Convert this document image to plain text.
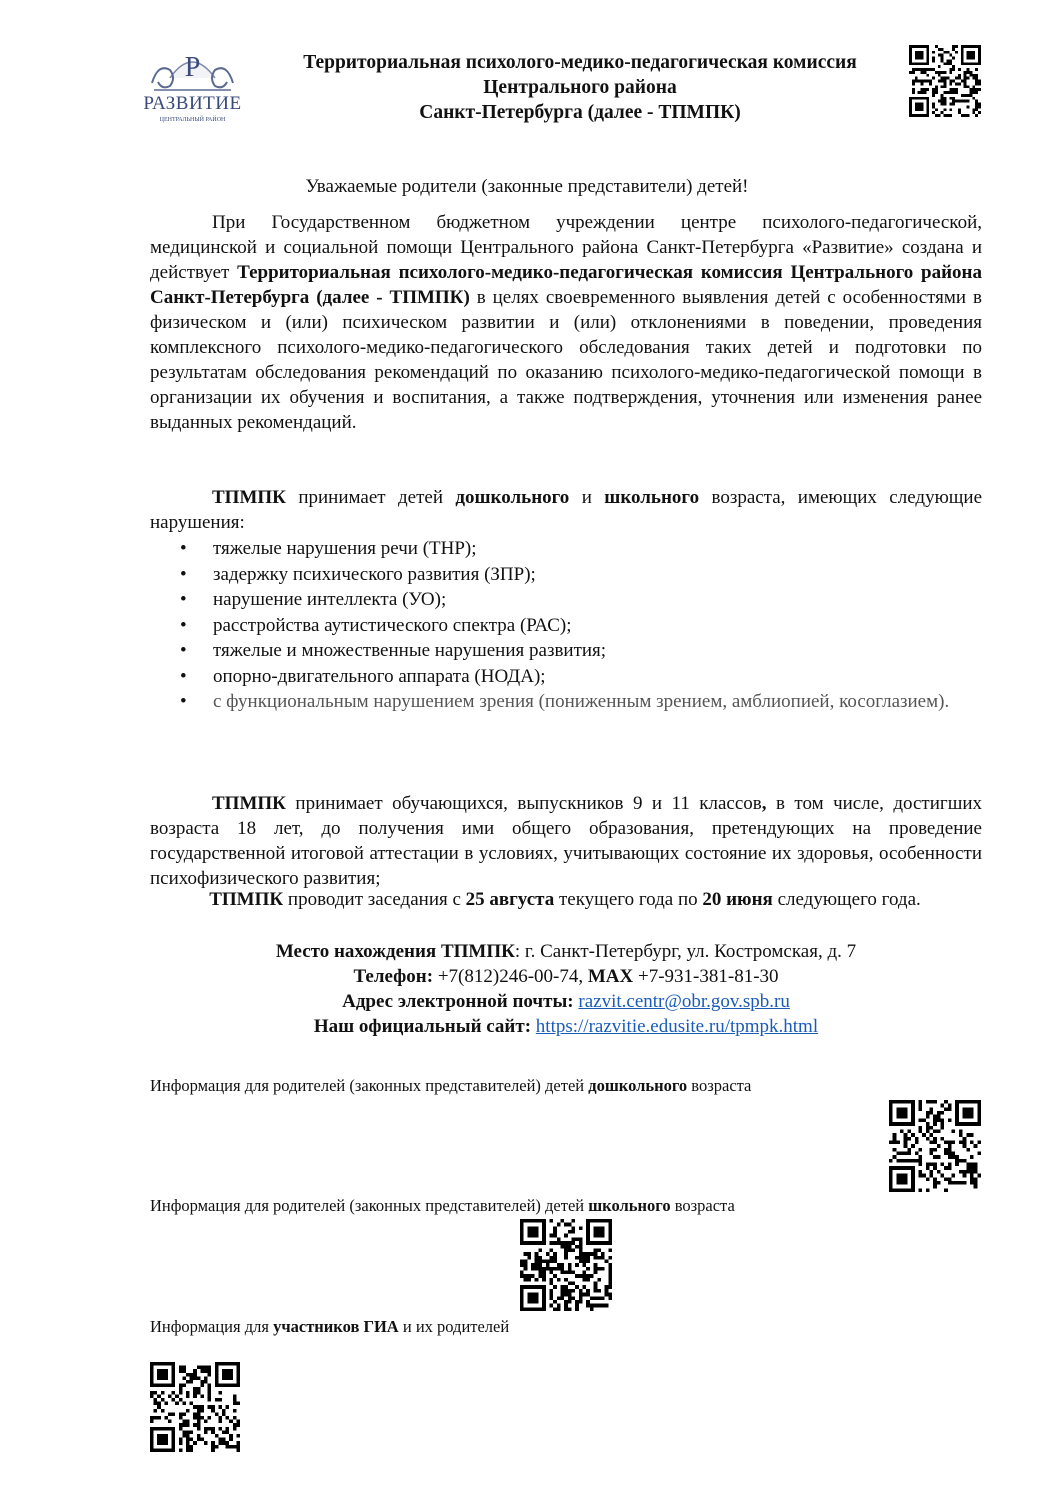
P
РАЗВИТИЕ
ЦЕНТРАЛЬНЫЙ РАЙОН
Территориальная психолого-медико-педагогическая комиссия
Центрального района
Санкт-Петербурга (далее - ТПМПК)
Уважаемые родители (законные представители) детей!
При Государственном бюджетном учреждении центре психолого-педагогической, медицинской и социальной помощи Центрального района Санкт-Петербурга «Развитие» создана и действует Территориальная психолого-медико-педагогическая комиссия Центрального района Санкт-Петербурга (далее - ТПМПК) в целях своевременного выявления детей с особенностями в физическом и (или) психическом развитии и (или) отклонениями в поведении, проведения комплексного психолого-медико-педагогического обследования таких детей и подготовки по результатам обследования рекомендаций по оказанию психолого-медико-педагогической помощи в организации их обучения и воспитания, а также подтверждения, уточнения или изменения ранее выданных рекомендаций.
ТПМПК принимает детей дошкольного и школьного возраста, имеющих следующие нарушения:
• тяжелые нарушения речи (ТНР);
• задержку психического развития (ЗПР);
• нарушение интеллекта (УО);
• расстройства аутистического спектра (РАС);
• тяжелые и множественные нарушения развития;
• опорно-двигательного аппарата (НОДА);
• с функциональным нарушением зрения (пониженным зрением, амблиопией, косоглазием).
ТПМПК принимает обучающихся, выпускников 9 и 11 классов, в том числе, достигших возраста 18 лет, до получения ими общего образования, претендующих на проведение государственной итоговой аттестации в условиях, учитывающих состояние их здоровья, особенности психофизического развития;
ТПМПК проводит заседания с 25 августа текущего года по 20 июня следующего года.
Место нахождения ТПМПК: г. Санкт-Петербург, ул. Костромская, д. 7
Телефон: +7(812)246-00-74, МАХ +7-931-381-81-30
Адрес электронной почты: razvit.centr@obr.gov.spb.ru
Наш официальный сайт: https://razvitie.edusite.ru/tpmpk.html
Информация для родителей (законных представителей) детей дошкольного возраста
Информация для родителей (законных представителей) детей школьного возраста
Информация для участников ГИА и их родителей
